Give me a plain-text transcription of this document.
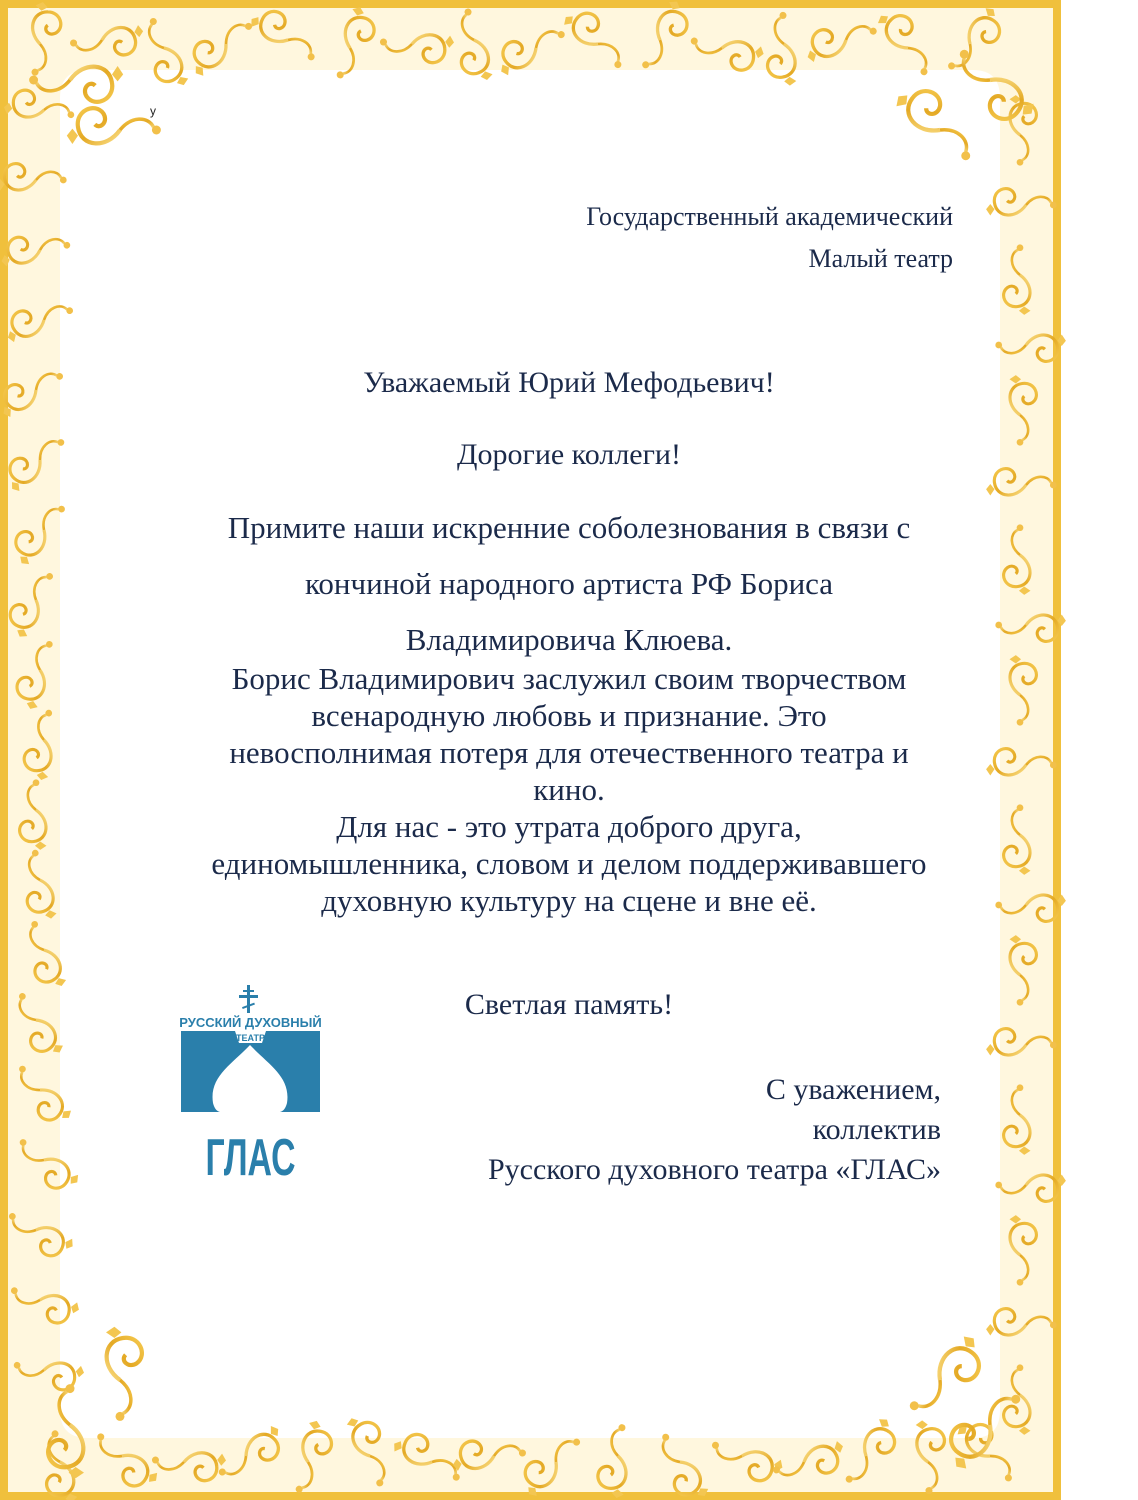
у
Государственный академический
Малый театр
Уважаемый Юрий Мефодьевич!
Дорогие коллеги!
Примите наши искренние соболезнования в связи с
кончиной народного артиста РФ Бориса
Владимировича Клюева.
Борис Владимирович заслужил своим творчеством
всенародную любовь и признание. Это
невосполнимая потеря для отечественного театра и
кино.
Для нас - это утрата доброго друга,
единомышленника, словом и делом поддерживавшего
духовную культуру на сцене и вне её.
Светлая память!
С уважением,
коллектив
Русского духовного театра «ГЛАС»
РУССКИЙ ДУХОВНЫЙ
ТЕАТР
ГЛАС
